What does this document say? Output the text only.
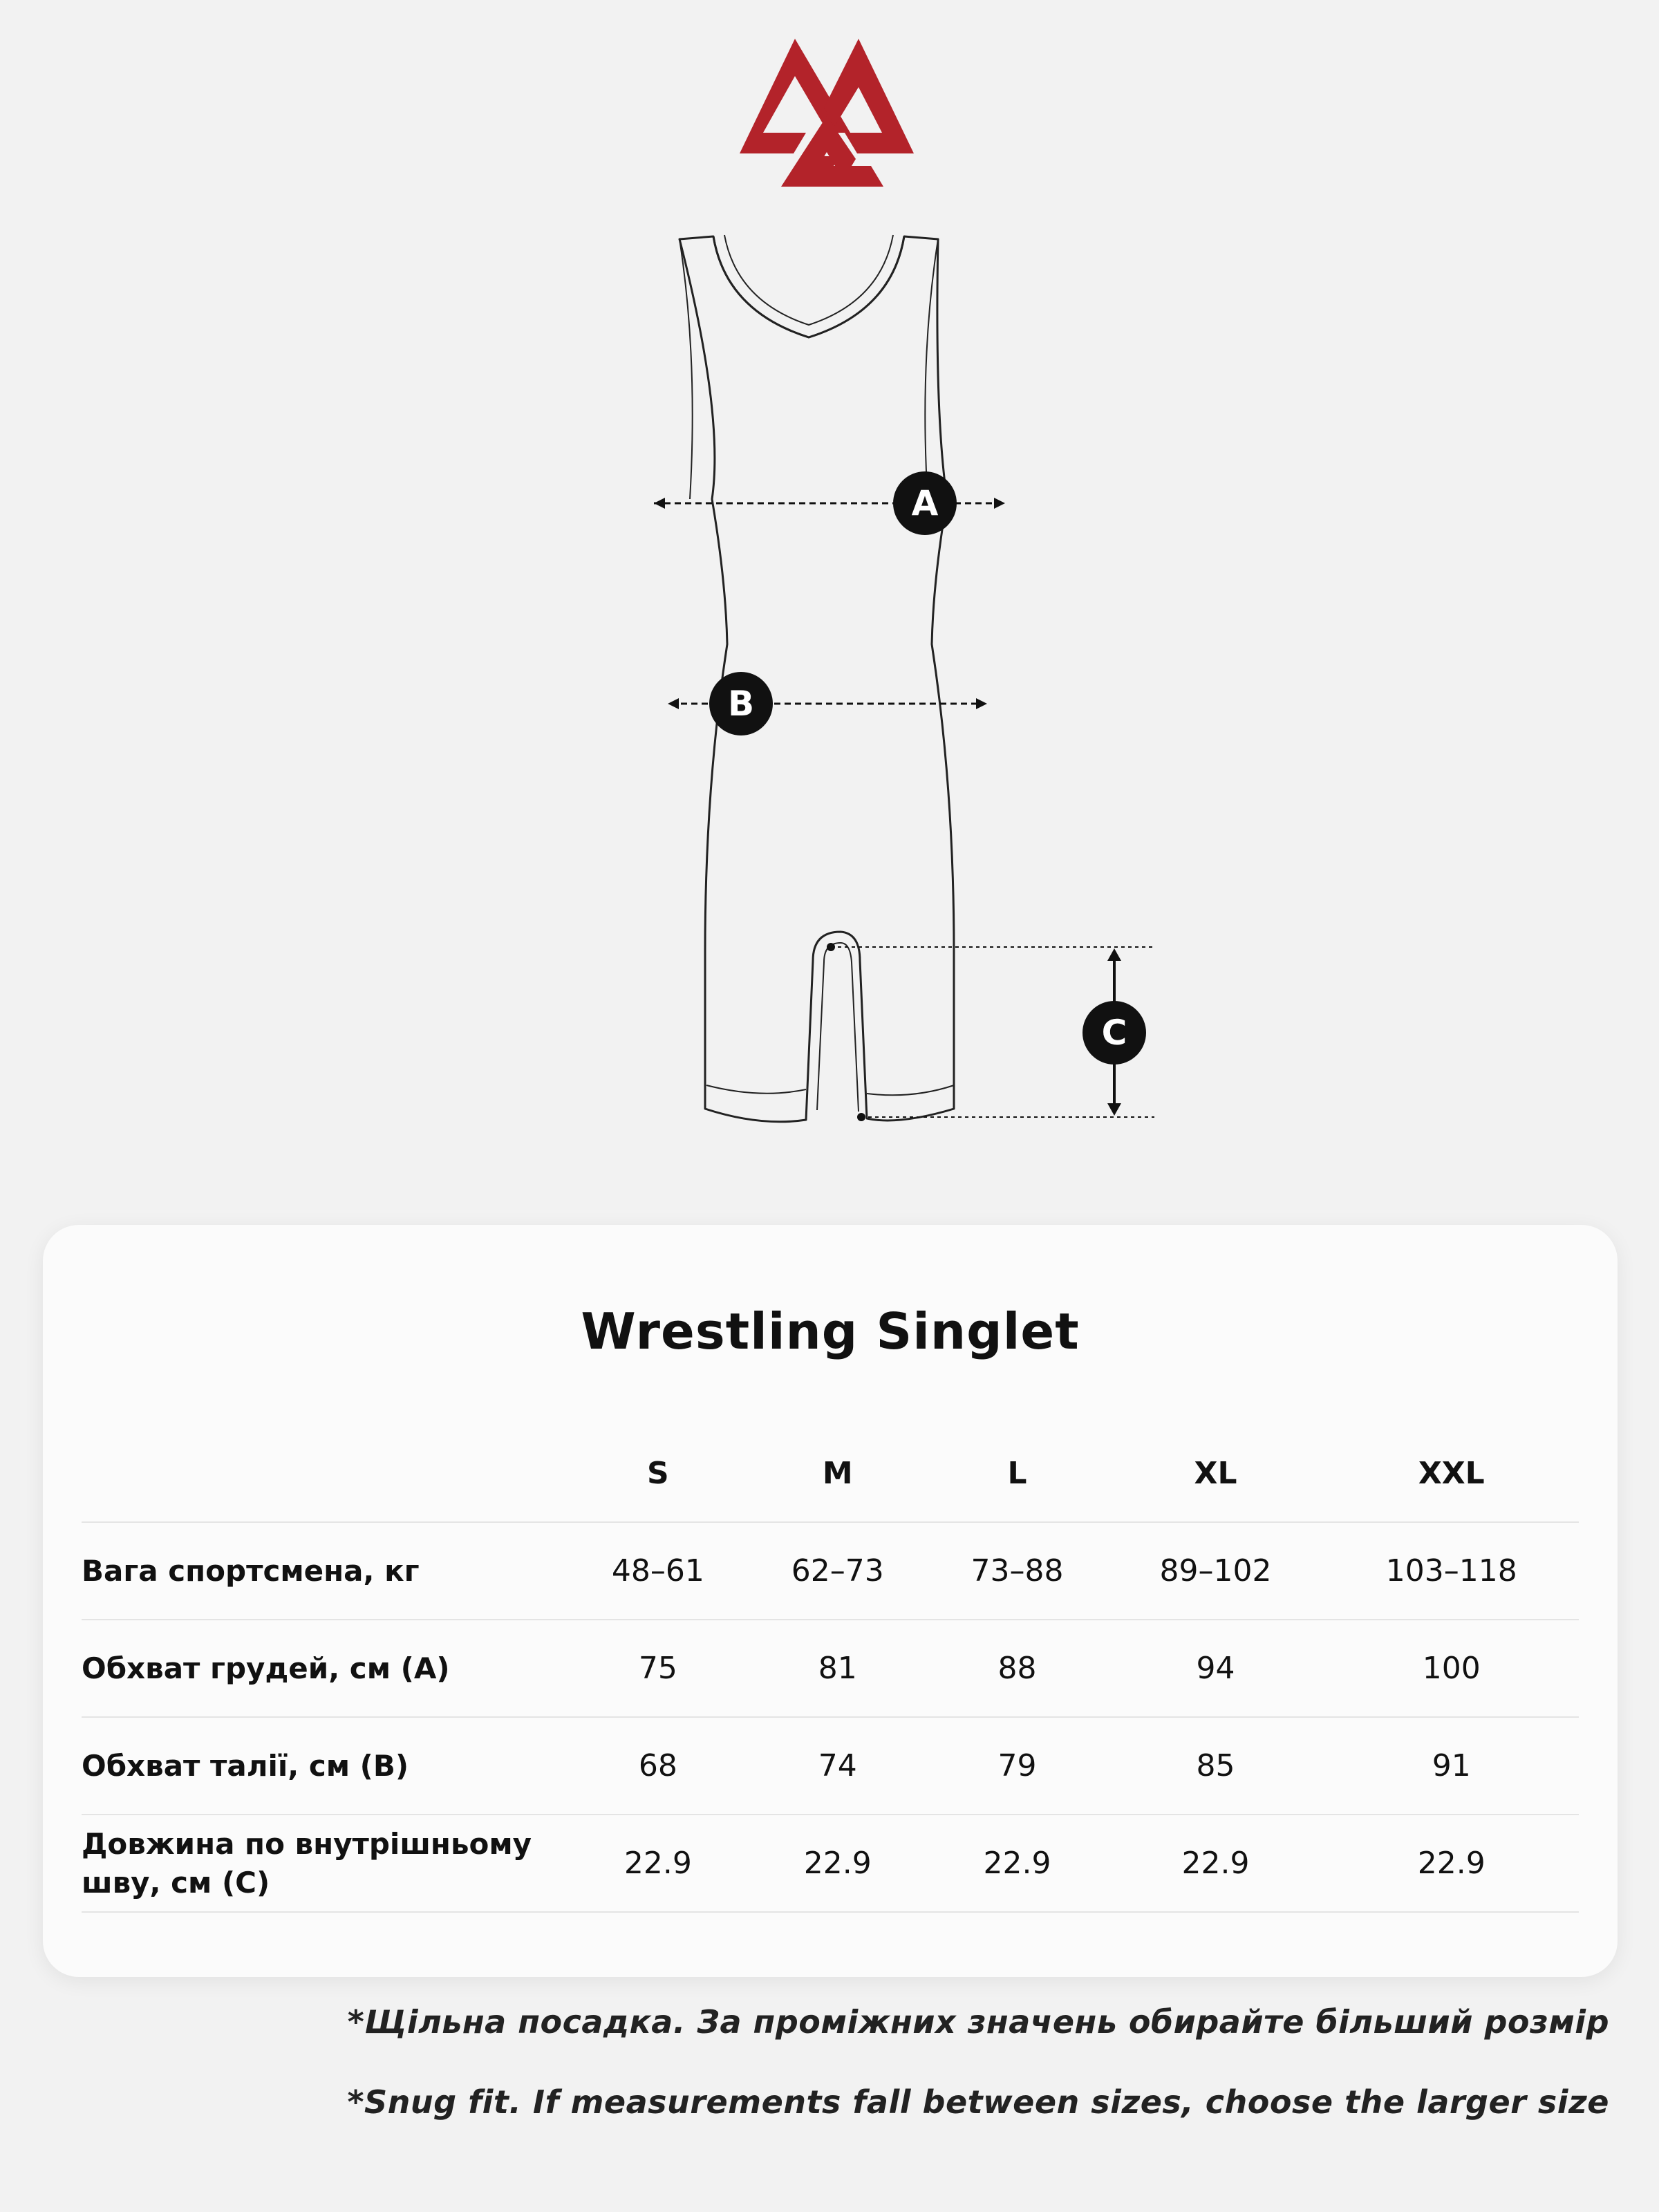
A
B
C
Wrestling Singlet
	S	M	L	XL	XXL
Вага спортсмена, кг	48–61	62–73	73–88	89–102	103–118
Обхват грудей, см (A)	75	81	88	94	100
Обхват талії, см (B)	68	74	79	85	91
Довжина по внутрішньому шву, см (C)	22.9	22.9	22.9	22.9	22.9
*Щільна посадка. За проміжних значень обирайте більший розмір
*Snug fit. If measurements fall between sizes, choose the larger size
